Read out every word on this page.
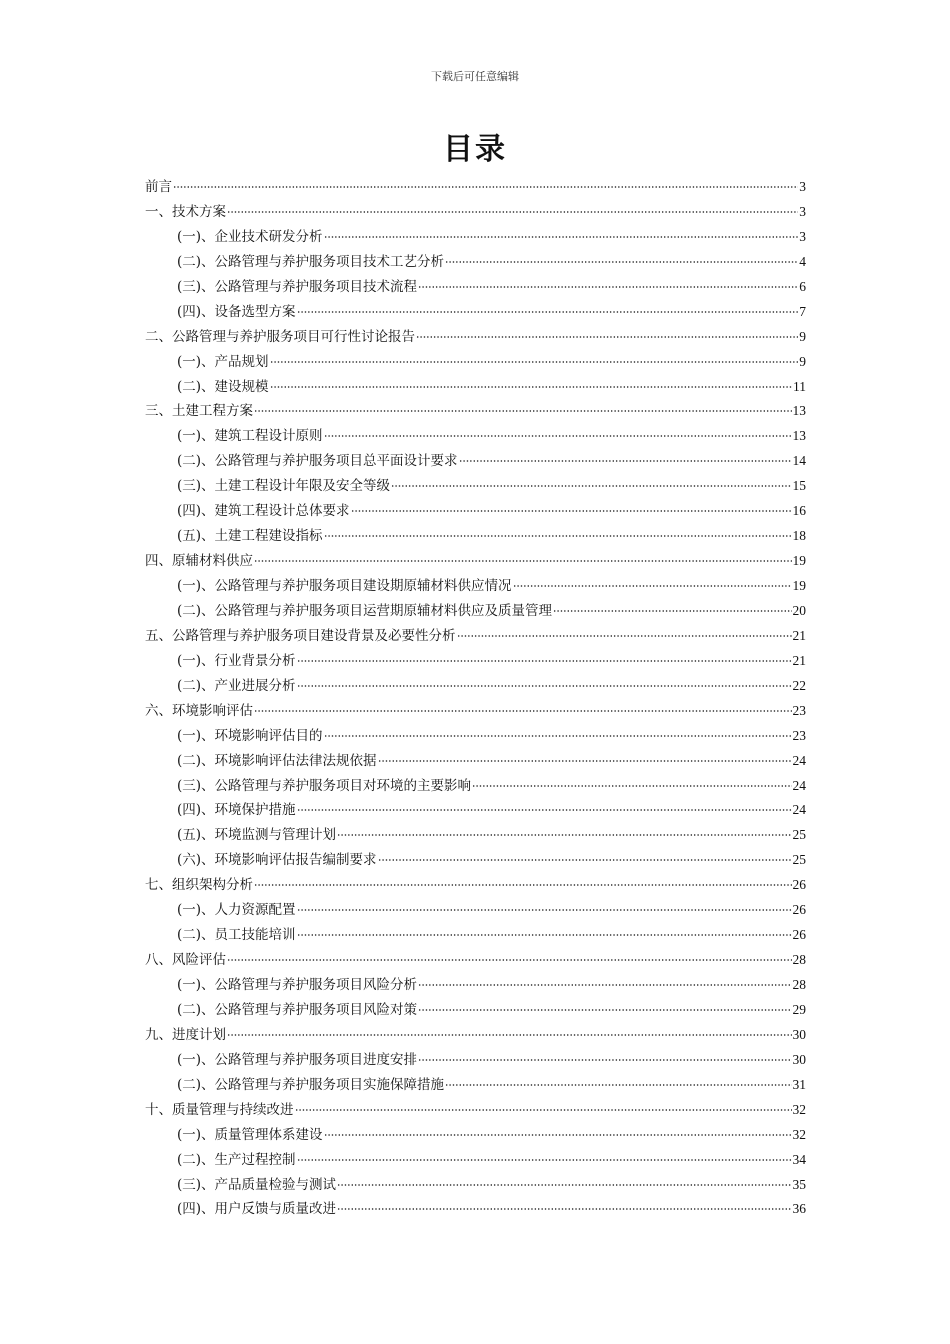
下载后可任意编辑
目录
前言	3
一、技术方案	3
(一)、企业技术研发分析	3
(二)、公路管理与养护服务项目技术工艺分析	4
(三)、公路管理与养护服务项目技术流程	6
(四)、设备选型方案	7
二、公路管理与养护服务项目可行性讨论报告	9
(一)、产品规划	9
(二)、建设规模	11
三、土建工程方案	13
(一)、建筑工程设计原则	13
(二)、公路管理与养护服务项目总平面设计要求	14
(三)、土建工程设计年限及安全等级	15
(四)、建筑工程设计总体要求	16
(五)、土建工程建设指标	18
四、原辅材料供应	19
(一)、公路管理与养护服务项目建设期原辅材料供应情况	19
(二)、公路管理与养护服务项目运营期原辅材料供应及质量管理	20
五、公路管理与养护服务项目建设背景及必要性分析	21
(一)、行业背景分析	21
(二)、产业进展分析	22
六、环境影响评估	23
(一)、环境影响评估目的	23
(二)、环境影响评估法律法规依据	24
(三)、公路管理与养护服务项目对环境的主要影响	24
(四)、环境保护措施	24
(五)、环境监测与管理计划	25
(六)、环境影响评估报告编制要求	25
七、组织架构分析	26
(一)、人力资源配置	26
(二)、员工技能培训	26
八、风险评估	28
(一)、公路管理与养护服务项目风险分析	28
(二)、公路管理与养护服务项目风险对策	29
九、进度计划	30
(一)、公路管理与养护服务项目进度安排	30
(二)、公路管理与养护服务项目实施保障措施	31
十、质量管理与持续改进	32
(一)、质量管理体系建设	32
(二)、生产过程控制	34
(三)、产品质量检验与测试	35
(四)、用户反馈与质量改进	36
